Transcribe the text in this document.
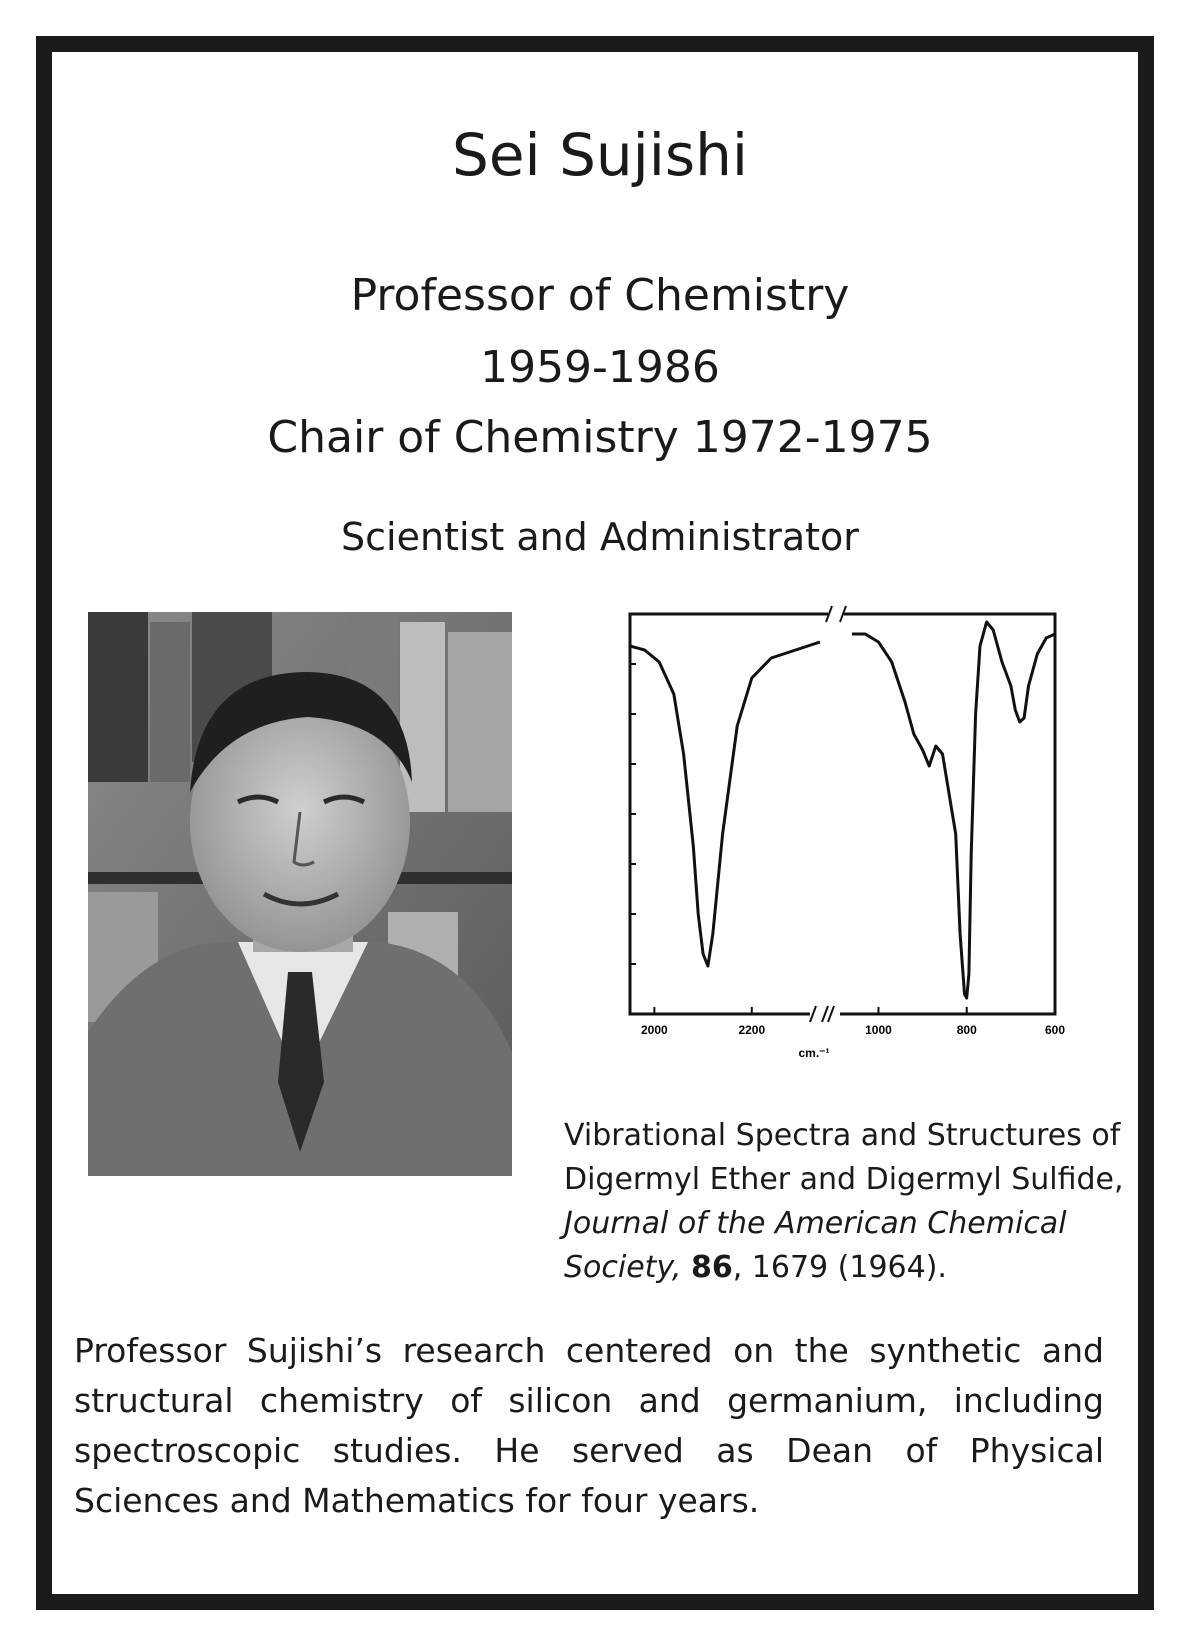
Sei Sujishi
Professor of Chemistry
1959-1986
Chair of Chemistry 1972-1975
Scientist and Administrator
2000	2200	1000	800	600
cm.⁻¹
Vibrational Spectra and Structures of
Digermyl Ether and Digermyl Sulfide,
Journal of the American Chemical
Society, 86, 1679 (1964).
Professor Sujishi’s research centered on the synthetic and structural chemistry of silicon and germanium, including spectroscopic studies. He served as Dean of Physical Sciences and Mathematics for four years.
